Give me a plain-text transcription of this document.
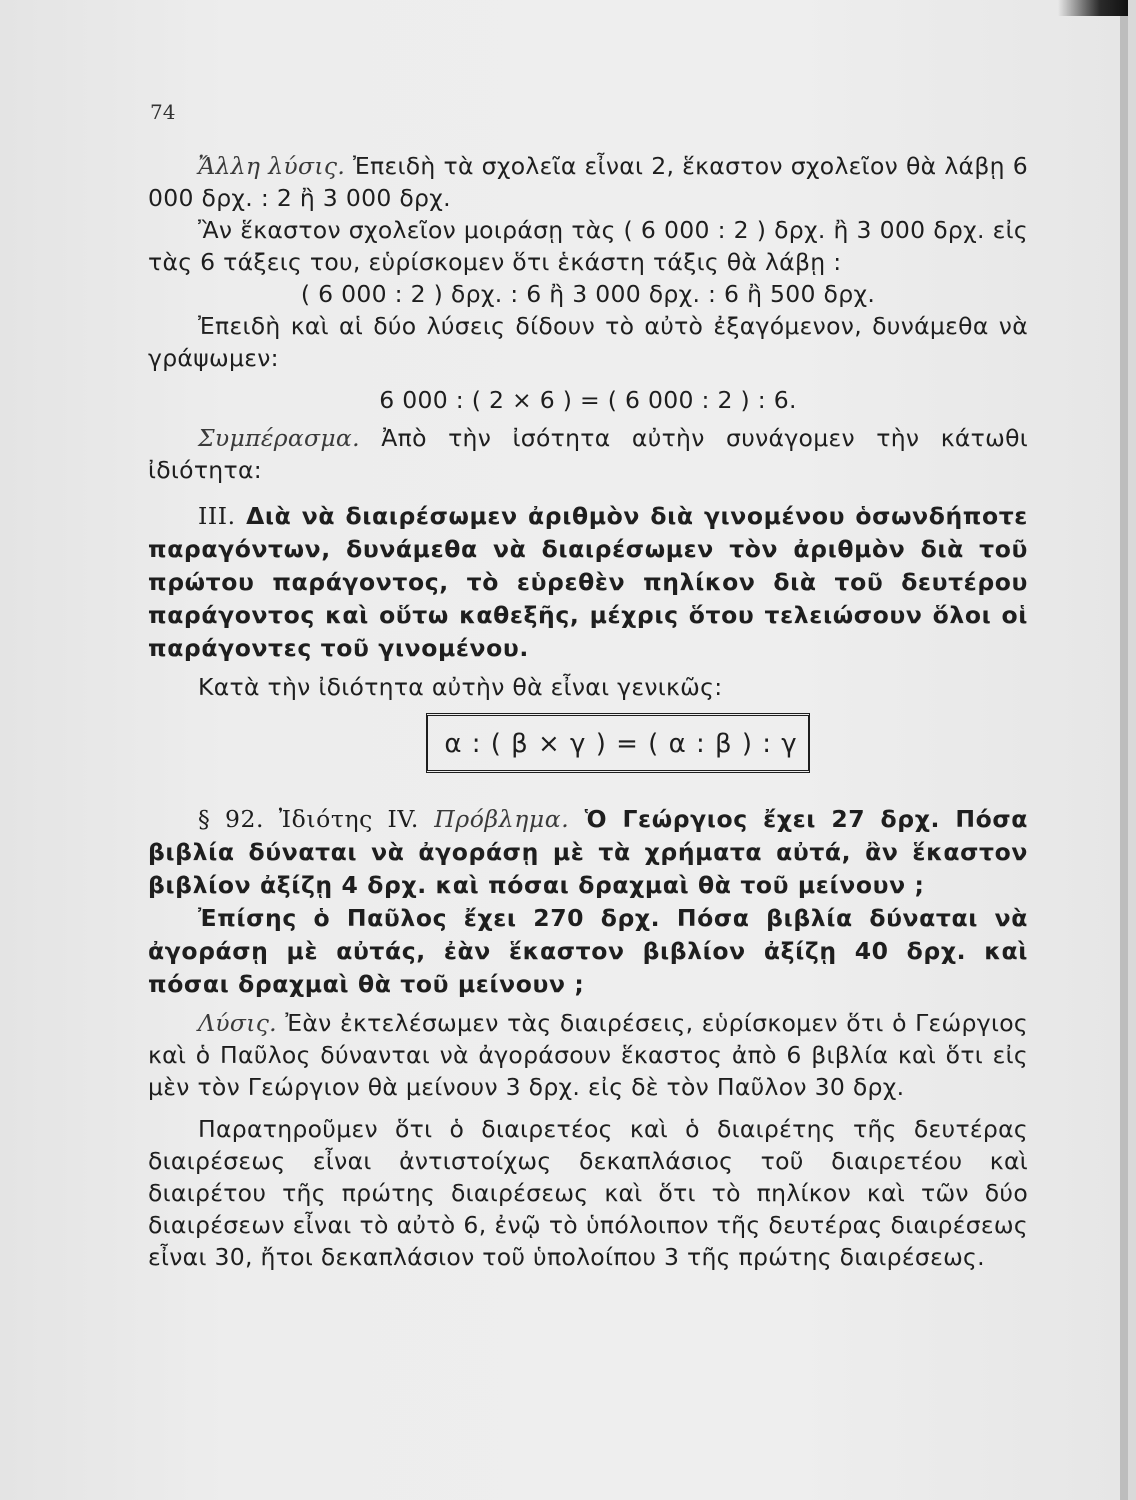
74

Ἄλλη λύσις. Ἐπειδὴ τὰ σχολεῖα εἶναι 2, ἕκαστον σχολεῖον θὰ λάβῃ 6 000 δρχ. : 2 ἢ 3 000 δρχ.

Ἂν ἕκαστον σχολεῖον μοιράσῃ τὰς ( 6 000 : 2 ) δρχ. ἢ 3 000 δρχ. εἰς τὰς 6 τάξεις του, εὑρίσκομεν ὅτι ἑκάστη τάξις θὰ λάβῃ :

( 6 000 : 2 ) δρχ. : 6 ἢ 3 000 δρχ. : 6 ἢ 500 δρχ.

Ἐπειδὴ καὶ αἱ δύο λύσεις δίδουν τὸ αὐτὸ ἐξαγόμενον, δυνάμεθα νὰ γράψωμεν:

6 000 : ( 2 × 6 ) = ( 6 000 : 2 ) : 6.

Συμπέρασμα. Ἀπὸ τὴν ἰσότητα αὐτὴν συνάγομεν τὴν κάτωθι ἰδιότητα:

III. Διὰ νὰ διαιρέσωμεν ἀριθμὸν διὰ γινομένου ὁσωνδήποτε παραγόντων, δυνάμεθα νὰ διαιρέσωμεν τὸν ἀριθμὸν διὰ τοῦ πρώτου παράγοντος, τὸ εὑρεθὲν πηλίκον διὰ τοῦ δευτέρου παράγοντος καὶ οὕτω καθεξῆς, μέχρις ὅτου τελειώσουν ὅλοι οἱ παράγοντες τοῦ γινομένου.

Κατὰ τὴν ἰδιότητα αὐτὴν θὰ εἶναι γενικῶς:

α : ( β × γ ) = ( α : β ) : γ

§ 92. Ἰδιότης IV. Πρόβλημα. Ὁ Γεώργιος ἔχει 27 δρχ. Πόσα βιβλία δύναται νὰ ἀγοράσῃ μὲ τὰ χρήματα αὐτά, ἂν ἕκαστον βιβλίον ἀξίζῃ 4 δρχ. καὶ πόσαι δραχμαὶ θὰ τοῦ μείνουν ;

Ἐπίσης ὁ Παῦλος ἔχει 270 δρχ. Πόσα βιβλία δύναται νὰ ἀγοράσῃ μὲ αὐτάς, ἐὰν ἕκαστον βιβλίον ἀξίζῃ 40 δρχ. καὶ πόσαι δραχμαὶ θὰ τοῦ μείνουν ;

Λύσις. Ἐὰν ἐκτελέσωμεν τὰς διαιρέσεις, εὑρίσκομεν ὅτι ὁ Γεώργιος καὶ ὁ Παῦλος δύνανται νὰ ἀγοράσουν ἕκαστος ἀπὸ 6 βιβλία καὶ ὅτι εἰς μὲν τὸν Γεώργιον θὰ μείνουν 3 δρχ. εἰς δὲ τὸν Παῦλον 30 δρχ.

Παρατηροῦμεν ὅτι ὁ διαιρετέος καὶ ὁ διαιρέτης τῆς δευτέρας διαιρέσεως εἶναι ἀντιστοίχως δεκαπλάσιος τοῦ διαιρετέου καὶ διαιρέτου τῆς πρώτης διαιρέσεως καὶ ὅτι τὸ πηλίκον καὶ τῶν δύο διαιρέσεων εἶναι τὸ αὐτὸ 6, ἐνῷ τὸ ὑπόλοιπον τῆς δευτέρας διαιρέσεως εἶναι 30, ἤτοι δεκαπλάσιον τοῦ ὑπολοίπου 3 τῆς πρώτης διαιρέσεως.
